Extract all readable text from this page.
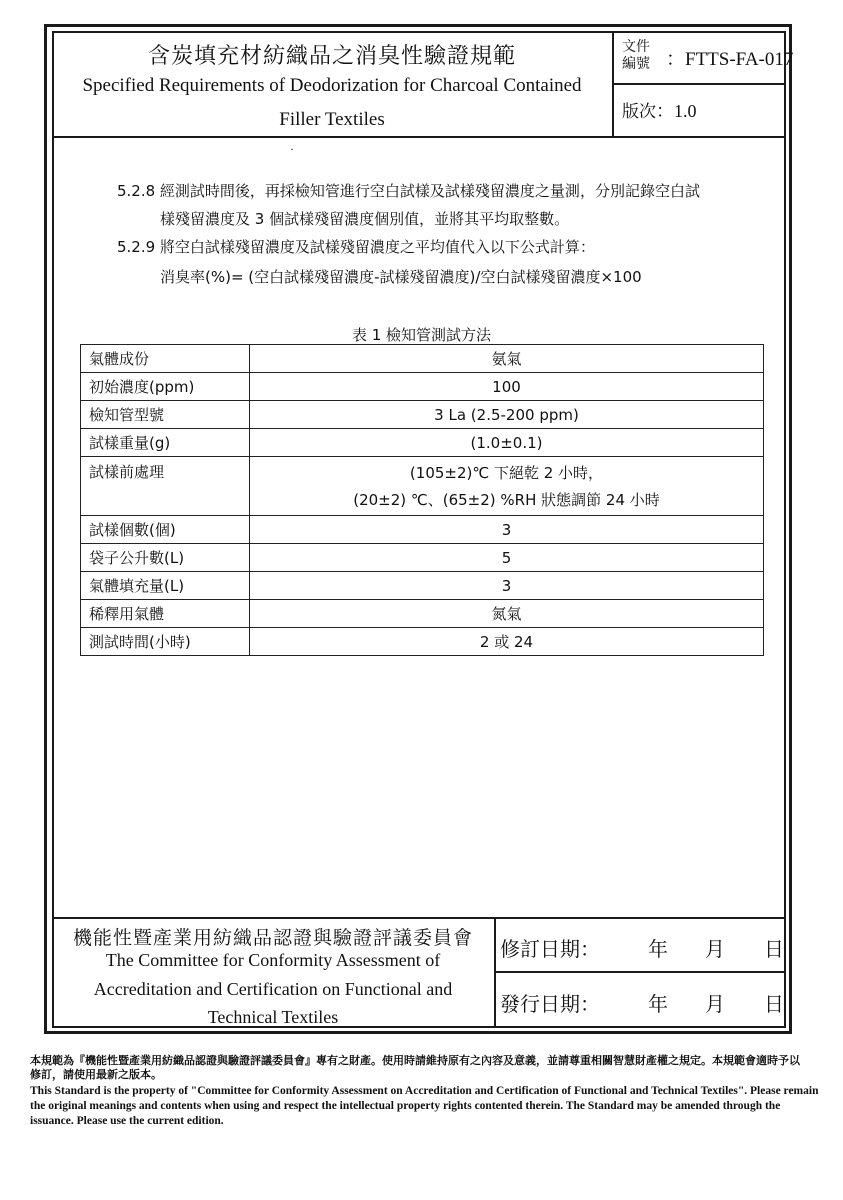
含炭填充材紡織品之消臭性驗證規範
Specified Requirements of Deodorization for Charcoal Contained
Filler Textiles
文件編號 ：FTTS-FA-017
版次：1.0
·
5.2.8 經測試時間後，再採檢知管進行空白試樣及試樣殘留濃度之量測，分別記錄空白試
樣殘留濃度及 3 個試樣殘留濃度個別值，並將其平均取整數。
5.2.9 將空白試樣殘留濃度及試樣殘留濃度之平均值代入以下公式計算：
消臭率(%)= (空白試樣殘留濃度-試樣殘留濃度)/空白試樣殘留濃度×100
表 1 檢知管測試方法
氣體成份	氨氣
初始濃度(ppm)	100
檢知管型號	3 La (2.5-200 ppm)
試樣重量(g)	(1.0±0.1)
試樣前處理	(105±2)℃ 下絕乾 2 小時，
(20±2) ℃、(65±2) %RH 狀態調節 24 小時

試樣個數(個)	3
袋子公升數(L)	5
氣體填充量(L)	3
稀釋用氣體	氮氣
測試時間(小時)	2 或 24
機能性暨產業用紡織品認證與驗證評議委員會
The Committee for Conformity Assessment of
Accreditation and Certification on Functional and
Technical Textiles
修訂日期： 年 月 日
發行日期： 年 月 日
本規範為『機能性暨產業用紡織品認證與驗證評議委員會』專有之財產。使用時請維持原有之內容及意義，並請尊重相關智慧財產權之規定。本規範會適時予以修訂，請使用最新之版本。
This Standard is the property of "Committee for Conformity Assessment on Accreditation and Certification of Functional and Technical Textiles". Please remain the original meanings and contents when using and respect the intellectual property rights contented therein. The Standard may be amended through the issuance. Please use the current edition.
